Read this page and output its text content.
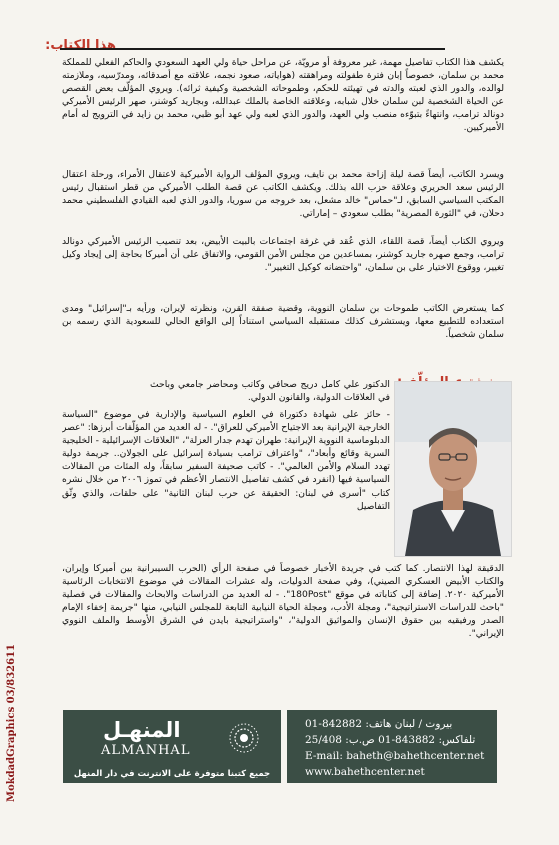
هذا الكتاب:
يكشف هذا الكتاب تفاصيل مهمة، غير معروفة أو مرويّة، عن مراحل حياة ولي العهد السعودي والحاكم الفعلي للمملكة محمد بن سلمان، خصوصاً إبان فترة طفولته ومراهقته (هواياته، صعود نجمه، علاقته مع أصدقائه، ومدرّسيه، وملازمته لوالده، والدور الذي لعبته والدته في تهيئته للحكم، وطموحاته الشخصية وكيفية ثرائه). ويروي المؤلّف بعض القصص عن الحياة الشخصية لبن سلمان خلال شبابه، وعلاقته الخاصة بالملك عبدالله، وبجاريد كوشنر، صهر الرئيس الأميركي دونالد ترامب، وانتهاءً بتبوّءه منصب ولي العهد، والدور الذي لعبه ولي عهد أبو ظبي، محمد بن زايد في الترويج له أمام الأميركيين.
ويسرد الكاتب، أيضاً قصة ليلة إزاحة محمد بن نايف، ويروي المؤلف الرواية الأميركية لاعتقال الأمراء، ورحلة اعتقال الرئيس سعد الحريري وعلاقة حزب الله بذلك. ويكشف الكاتب عن قصة الطلب الأميركي من قطر استقبال رئيس المكتب السياسي السابق، لـ"حماس" خالد مشعل، بعد خروجه من سوريا، والدور الذي لعبه القيادي الفلسطيني محمد دحلان، في "الثورة المصرية" بطلب سعودي – إماراتي.
ويروي الكتاب أيضاً، قصة اللقاء، الذي عُقد في غرفة اجتماعات بالبيت الأبيض، بعد تنصيب الرئيس الأميركي دونالد ترامب، وجمع صهره جاريد كوشنر، بمساعدين من مجلس الأمن القومي، والاتفاق على أن أميركا بحاجة إلى إيجاد وكيل تغيير، ووقوع الاختيار على بن سلمان، "واحتضانه كوكيل التغيير".
كما يستعرض الكاتب طموحات بن سلمان النووية، وقضية صفقة القرن، ونظرته لإيران، ورأيه بـ"إسرائيل" ومدى استعداده للتطبيع معها، ويستشرف كذلك مستقبله السياسي استناداً إلى الواقع الحالي للسعودية الذي رسمه بن سلمان شخصياً.
الدكتور علي كامل دريج صحافي وكاتب ومحاضر جامعي وباحث في العلاقات الدولية، والقانون الدولي.
- حائز على شهادة دكتوراة في العلوم السياسية والإدارية في موضوع "السياسة الخارجية الإيرانية بعد الاجتياح الأميركي للعراق". - له العديد من المؤلّفات أبرزها: "عصر الدبلوماسية النووية الإيرانية: طهران تهدم جدار العزلة"، "العلاقات الإسرائيلية - الخليجية السرية وقائع وأبعاد"، "واعتراف ترامب بسيادة إسرائيل على الجولان.. جريمة دولية تهدد السلام والأمن العالمي". - كاتب صحيفة السفير سابقاً، وله المئات من المقالات السياسية فيها (انفرد في كشف تفاصيل الانتصار الأعظم في تموز ٢٠٠٦ من خلال نشره كتاب "أسرى في لبنان: الحقيقة عن حرب لبنان الثانية" على حلقات، والذي وثّق التفاصيل
الدقيقة لهذا الانتصار. كما كتب في جريدة الأخبار خصوصاً في صفحة الرأي (الحرب السيبرانية بين أميركا وإيران، والكتاب الأبيض العسكري الصيني)، وفي صفحة الدوليات، وله عشرات المقالات في موضوع الانتخابات الرئاسية الأميركية ٢٠٢٠. إضافة إلى كتاباته في موقع "180Post". - له العديد من الدراسات والابحاث والمقالات في فصلية "باحث للدراسات الاستراتيجية"، ومجلة الأدب، ومجلة الحياة النيابية التابعة للمجلس النيابي، منها "جريمة إخفاء الإمام الصدر ورفيقيه بين حقوق الإنسان والمواثيق الدولية"، "واستراتيجية بايدن في الشرق الأوسط والملف النووي الإيراني".
MokdadGraphics 03/832611	المنهـل
ALMANHAL
جميع كتبنا متوفرة على الانترنت في دار المنهل
بيروت / لبنان هاتف: 842882-01
تلفاكس: 843882-01 ص.ب: 25/408
E-mail: baheth@bahethcenter.net
www.bahethcenter.net
